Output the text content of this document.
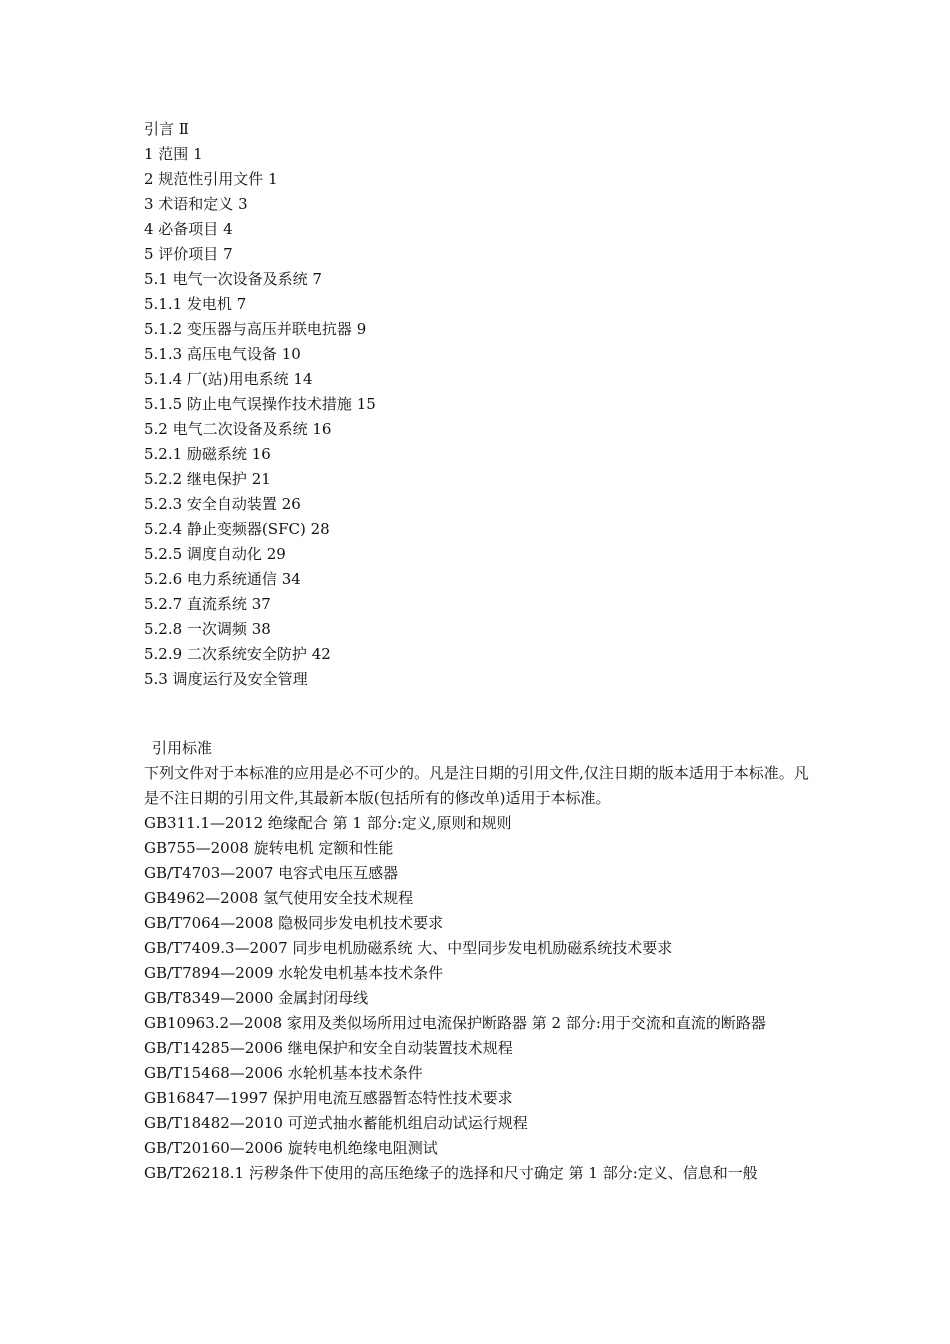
引言 Ⅱ
1 范围 1
2 规范性引用文件 1
3 术语和定义 3
4 必备项目 4
5 评价项目 7
5.1 电气一次设备及系统 7
5.1.1 发电机 7
5.1.2 变压器与高压并联电抗器 9
5.1.3 高压电气设备 10
5.1.4 厂(站)用电系统 14
5.1.5 防止电气误操作技术措施 15
5.2 电气二次设备及系统 16
5.2.1 励磁系统 16
5.2.2 继电保护 21
5.2.3 安全自动装置 26
5.2.4 静止变频器(SFC) 28
5.2.5 调度自动化 29
5.2.6 电力系统通信 34
5.2.7 直流系统 37
5.2.8 一次调频 38
5.2.9 二次系统安全防护 42
5.3 调度运行及安全管理
引用标准
下列文件对于本标准的应用是必不可少的。凡是注日期的引用文件,仅注日期的版本适用于本标准。凡是不注日期的引用文件,其最新本版(包括所有的修改单)适用于本标准。
GB311.1—2012 绝缘配合 第 1 部分:定义,原则和规则
GB755—2008 旋转电机 定额和性能
GB/T4703—2007 电容式电压互感器
GB4962—2008 氢气使用安全技术规程
GB/T7064—2008 隐极同步发电机技术要求
GB/T7409.3—2007 同步电机励磁系统 大、中型同步发电机励磁系统技术要求
GB/T7894—2009 水轮发电机基本技术条件
GB/T8349—2000 金属封闭母线
GB10963.2—2008 家用及类似场所用过电流保护断路器 第 2 部分:用于交流和直流的断路器
GB/T14285—2006 继电保护和安全自动装置技术规程
GB/T15468—2006 水轮机基本技术条件
GB16847—1997 保护用电流互感器暂态特性技术要求
GB/T18482—2010 可逆式抽水蓄能机组启动试运行规程
GB/T20160—2006 旋转电机绝缘电阻测试
GB/T26218.1 污秽条件下使用的高压绝缘子的选择和尺寸确定 第 1 部分:定义、信息和一般
